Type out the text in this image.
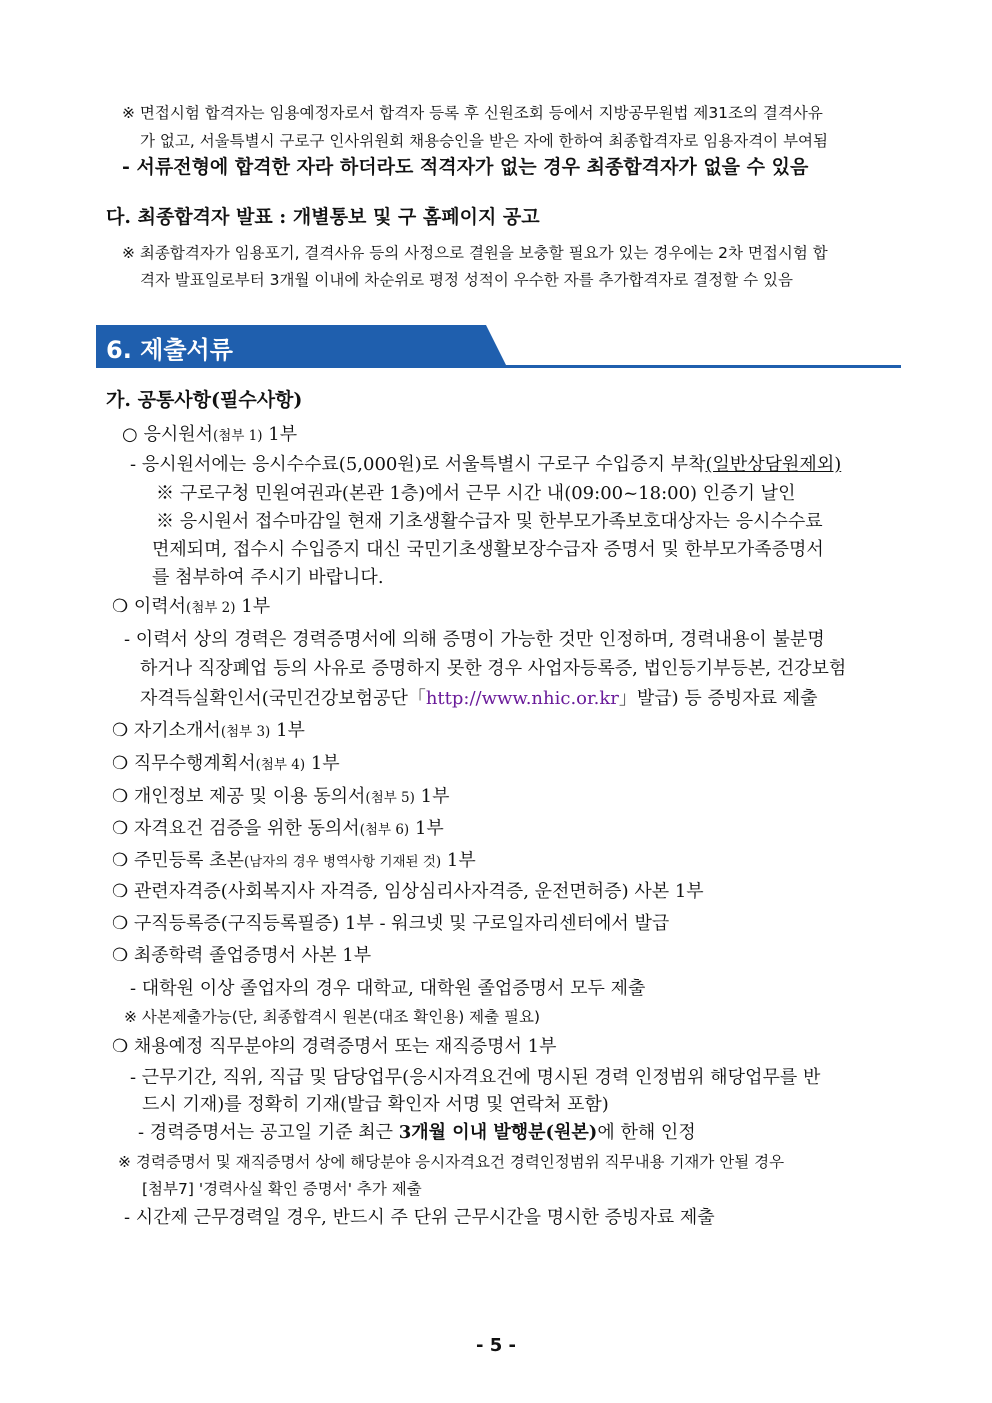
※ 면접시험 합격자는 임용예정자로서 합격자 등록 후 신원조회 등에서 지방공무원법 제31조의 결격사유
가 없고, 서울특별시 구로구 인사위원회 채용승인을 받은 자에 한하여 최종합격자로 임용자격이 부여됨
- 서류전형에 합격한 자라 하더라도 적격자가 없는 경우 최종합격자가 없을 수 있음
다. 최종합격자 발표 : 개별통보 및 구 홈페이지 공고
※ 최종합격자가 임용포기, 결격사유 등의 사정으로 결원을 보충할 필요가 있는 경우에는 2차 면접시험 합
격자 발표일로부터 3개월 이내에 차순위로 평정 성적이 우수한 자를 추가합격자로 결정할 수 있음
6. 제출서류
가. 공통사항(필수사항)
○ 응시원서(첨부 1) 1부
- 응시원서에는 응시수수료(5,000원)로 서울특별시 구로구 수입증지 부착(일반상담원제외)
※ 구로구청 민원여권과(본관 1층)에서 근무 시간 내(09:00~18:00) 인증기 날인
※ 응시원서 접수마감일 현재 기초생활수급자 및 한부모가족보호대상자는 응시수수료
면제되며, 접수시 수입증지 대신 국민기초생활보장수급자 증명서 및 한부모가족증명서
를 첨부하여 주시기 바랍니다.
❍ 이력서(첨부 2) 1부
- 이력서 상의 경력은 경력증명서에 의해 증명이 가능한 것만 인정하며, 경력내용이 불분명
하거나 직장폐업 등의 사유로 증명하지 못한 경우 사업자등록증, 법인등기부등본, 건강보험
자격득실확인서(국민건강보험공단「http://www.nhic.or.kr」발급) 등 증빙자료 제출
❍ 자기소개서(첨부 3) 1부
❍ 직무수행계획서(첨부 4) 1부
❍ 개인정보 제공 및 이용 동의서(첨부 5) 1부
❍ 자격요건 검증을 위한 동의서(첨부 6) 1부
❍ 주민등록 초본(남자의 경우 병역사항 기재된 것) 1부
❍ 관련자격증(사회복지사 자격증, 임상심리사자격증, 운전면허증) 사본 1부
❍ 구직등록증(구직등록필증) 1부 - 워크넷 및 구로일자리센터에서 발급
❍ 최종학력 졸업증명서 사본 1부
- 대학원 이상 졸업자의 경우 대학교, 대학원 졸업증명서 모두 제출
※ 사본제출가능(단, 최종합격시 원본(대조 확인용) 제출 필요)
❍ 채용예정 직무분야의 경력증명서 또는 재직증명서 1부
- 근무기간, 직위, 직급 및 담당업무(응시자격요건에 명시된 경력 인정범위 해당업무를 반
드시 기재)를 정확히 기재(발급 확인자 서명 및 연락처 포함)
- 경력증명서는 공고일 기준 최근 3개월 이내 발행분(원본)에 한해 인정
※ 경력증명서 및 재직증명서 상에 해당분야 응시자격요건 경력인정범위 직무내용 기재가 안될 경우
[첨부7] '경력사실 확인 증명서' 추가 제출
- 시간제 근무경력일 경우, 반드시 주 단위 근무시간을 명시한 증빙자료 제출
- 5 -
